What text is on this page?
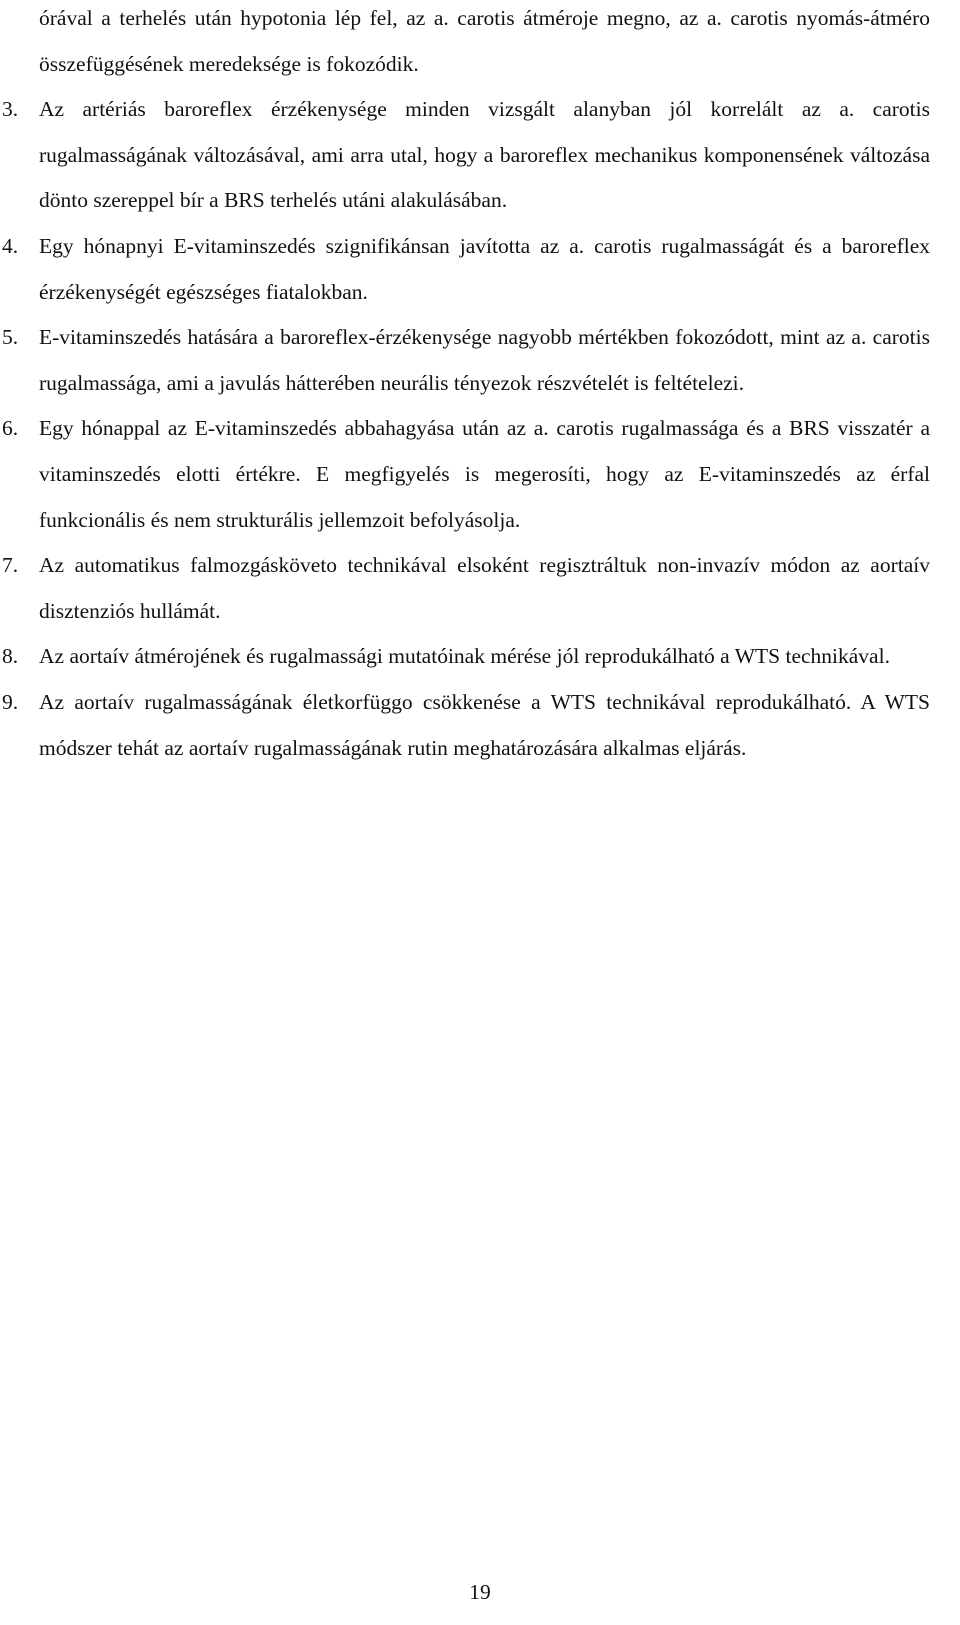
órával a terhelés után hypotonia lép fel, az a. carotis átméroje megno, az a. carotis nyomás-átméro összefüggésének meredeksége is fokozódik.
3. Az artériás baroreflex érzékenysége minden vizsgált alanyban jól korrelált az a. carotis rugalmasságának változásával, ami arra utal, hogy a baroreflex mechanikus komponensének változása dönto szereppel bír a BRS terhelés utáni alakulásában.
4. Egy hónapnyi E-vitaminszedés szignifikánsan javította az a. carotis rugalmasságát és a baroreflex érzékenységét egészséges fiatalokban.
5. E-vitaminszedés hatására a baroreflex-érzékenysége nagyobb mértékben fokozódott, mint az a. carotis rugalmassága, ami a javulás hátterében neurális tényezok részvételét is feltételezi.
6. Egy hónappal az E-vitaminszedés abbahagyása után az a. carotis rugalmassága és a BRS visszatér a vitaminszedés elotti értékre. E megfigyelés is megerosíti, hogy az E-vitaminszedés az érfal funkcionális és nem strukturális jellemzoit befolyásolja.
7. Az automatikus falmozgásköveto technikával elsoként regisztráltuk non-invazív módon az aortaív disztenziós hullámát.
8. Az aortaív átmérojének és rugalmassági mutatóinak mérése jól reprodukálható a WTS technikával.
9. Az aortaív rugalmasságának életkorfüggo csökkenése a WTS technikával reprodukálható. A WTS módszer tehát az aortaív rugalmasságának rutin meghatározására alkalmas eljárás.
19
